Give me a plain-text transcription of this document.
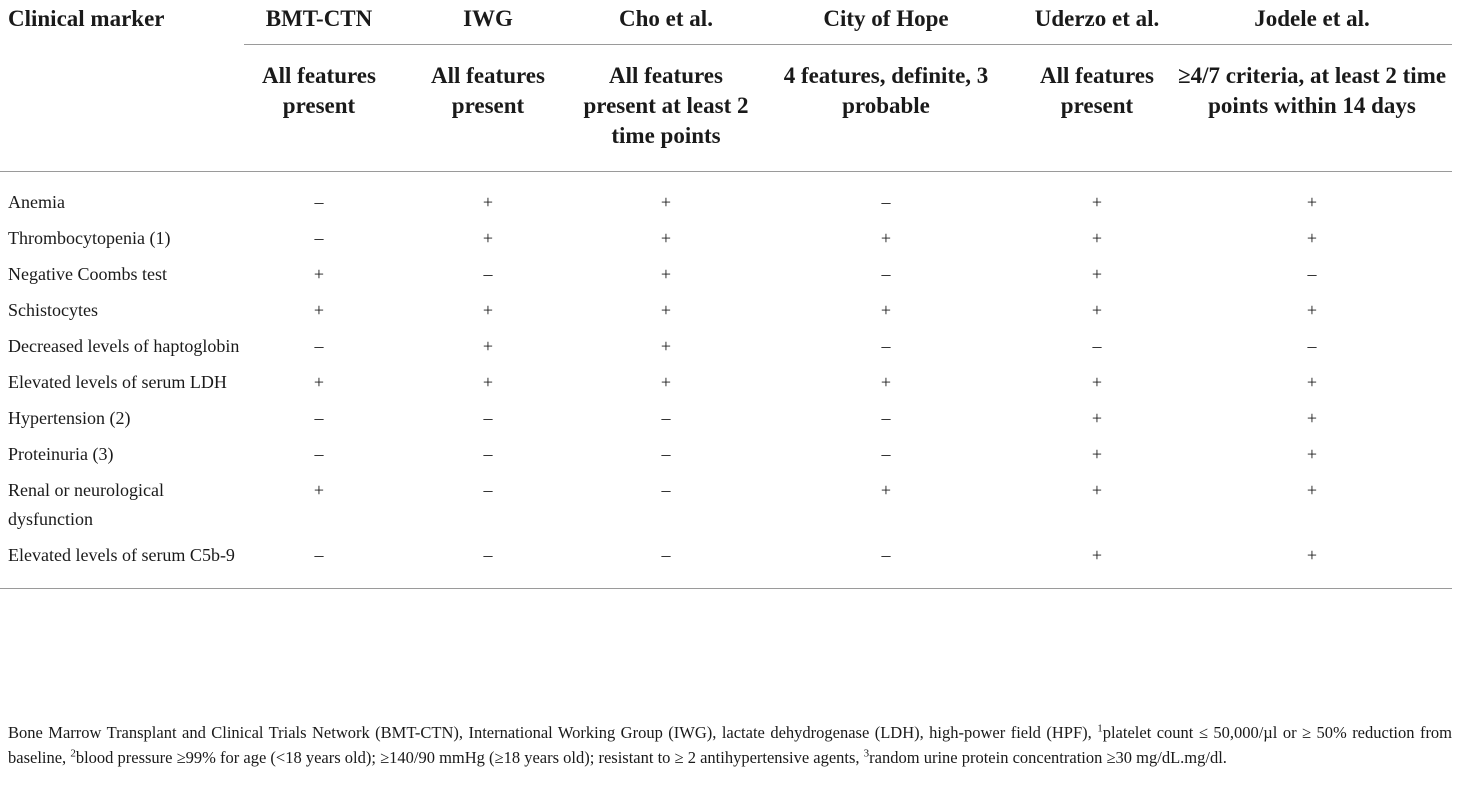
Clinical marker	BMT-CTN	IWG	Cho et al.	City of Hope	Uderzo et al.	Jodele et al.
	All features present	All features present	All features present at least 2 time points	4 features, definite, 3 probable	All features present	≥4/7 criteria, at least 2 time points within 14 days
Anemia	–	+	+	–	+	+
Thrombocytopenia (1)	–	+	+	+	+	+
Negative Coombs test	+	–	+	–	+	–
Schistocytes	+	+	+	+	+	+
Decreased levels of haptoglobin	–	+	+	–	–	–
Elevated levels of serum LDH	+	+	+	+	+	+
Hypertension (2)	–	–	–	–	+	+
Proteinuria (3)	–	–	–	–	+	+
Renal or neurological dysfunction	+	–	–	+	+	+
Elevated levels of serum C5b-9	–	–	–	–	+	+
Bone Marrow Transplant and Clinical Trials Network (BMT-CTN), International Working Group (IWG), lactate dehydrogenase (LDH), high-power field (HPF), $^1$platelet count ≤ 50,000/µl or ≥ 50% reduction from baseline, $^2$blood pressure ≥99% for age (<18 years old); ≥140/90 mmHg (≥18 years old); resistant to ≥ 2 antihypertensive agents, $^3$random urine protein concentration ≥30 mg/dL.mg/dl.
